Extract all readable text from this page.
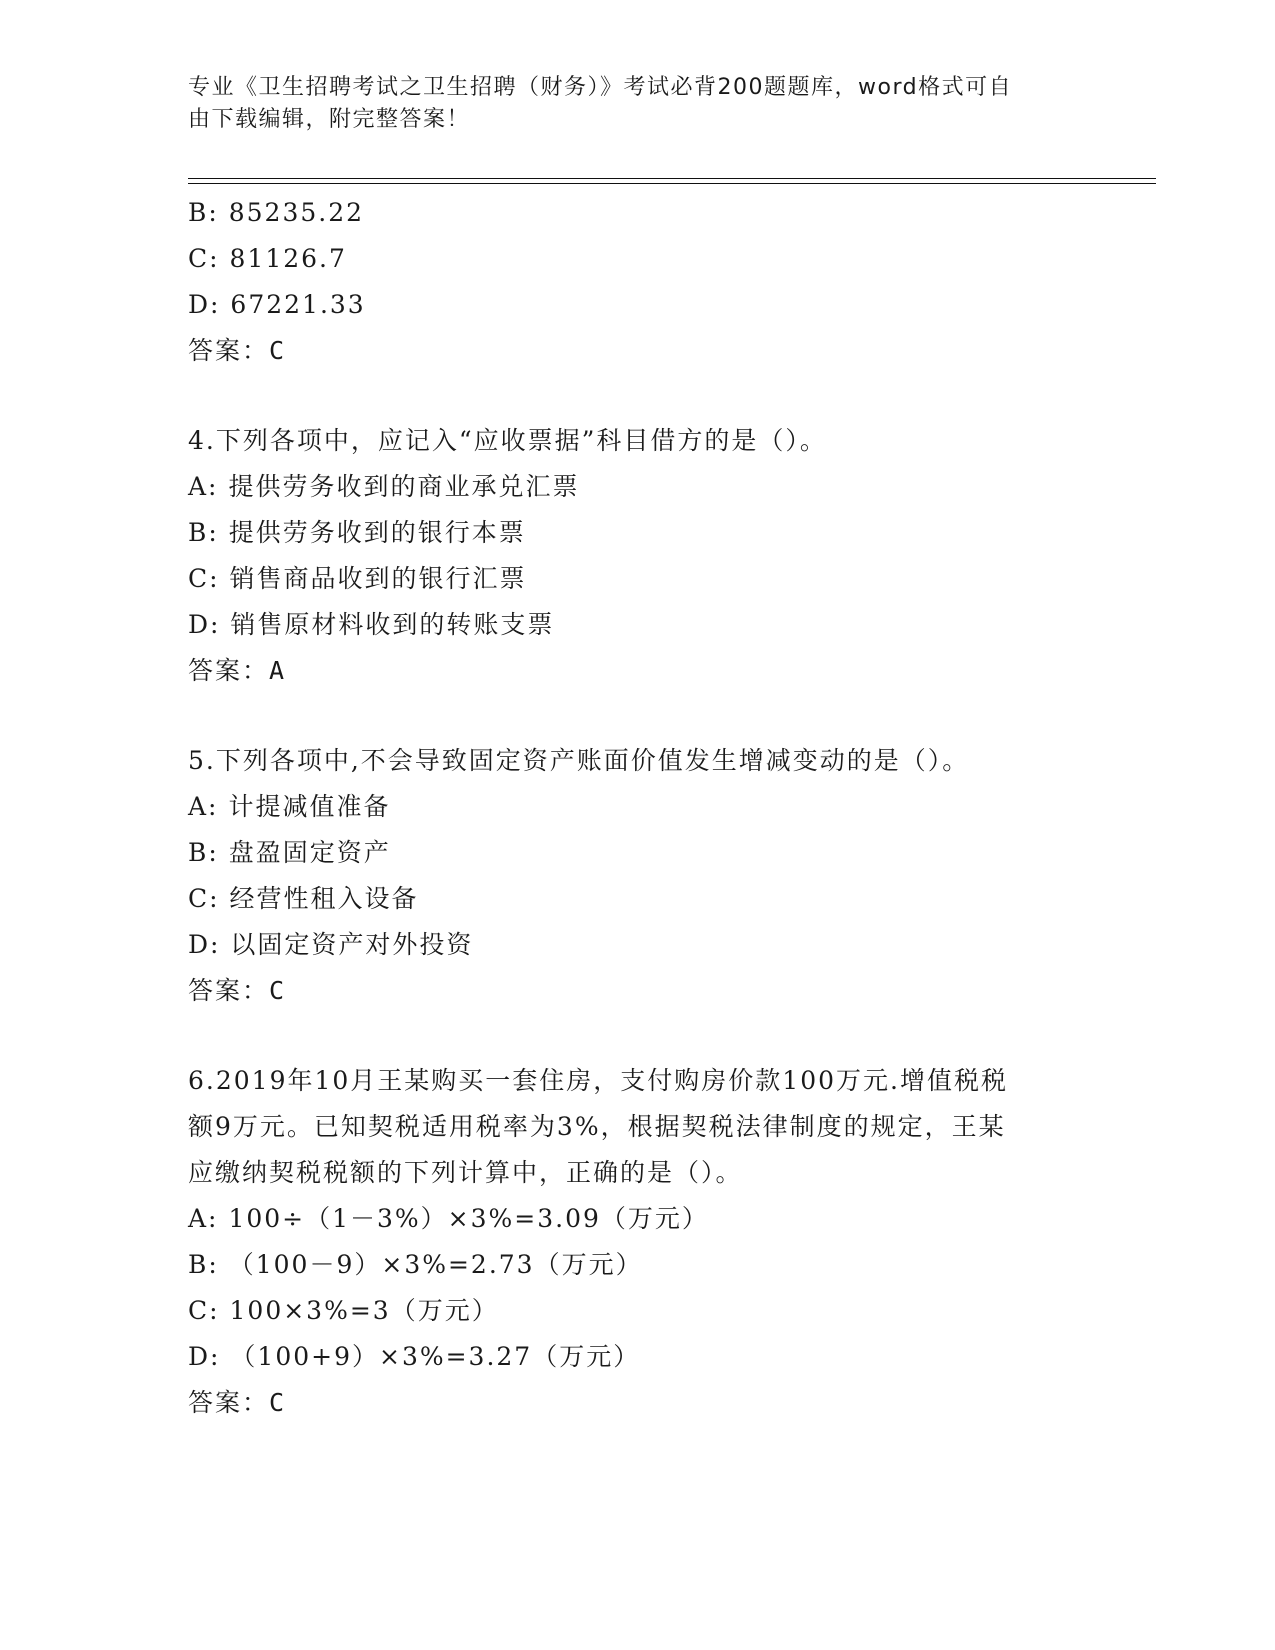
专业《卫生招聘考试之卫生招聘（财务）》考试必背200题题库，word格式可自
由下载编辑，附完整答案！
B: 85235.22
C: 81126.7
D: 67221.33
答案：C
4.下列各项中，应记入“应收票据”科目借方的是（）。
A: 提供劳务收到的商业承兑汇票
B: 提供劳务收到的银行本票
C: 销售商品收到的银行汇票
D: 销售原材料收到的转账支票
答案：A
5.下列各项中,不会导致固定资产账面价值发生增减变动的是（）。
A: 计提减值准备
B: 盘盈固定资产
C: 经营性租入设备
D: 以固定资产对外投资
答案：C
6.2019年10月王某购买一套住房，支付购房价款100万元.增值税税
额9万元。已知契税适用税率为3%，根据契税法律制度的规定，王某
应缴纳契税税额的下列计算中，正确的是（）。
A: 100÷（1－3%）×3%=3.09（万元）
B: （100－9）×3%=2.73（万元）
C: 100×3%=3（万元）
D: （100+9）×3%=3.27（万元）
答案：C
